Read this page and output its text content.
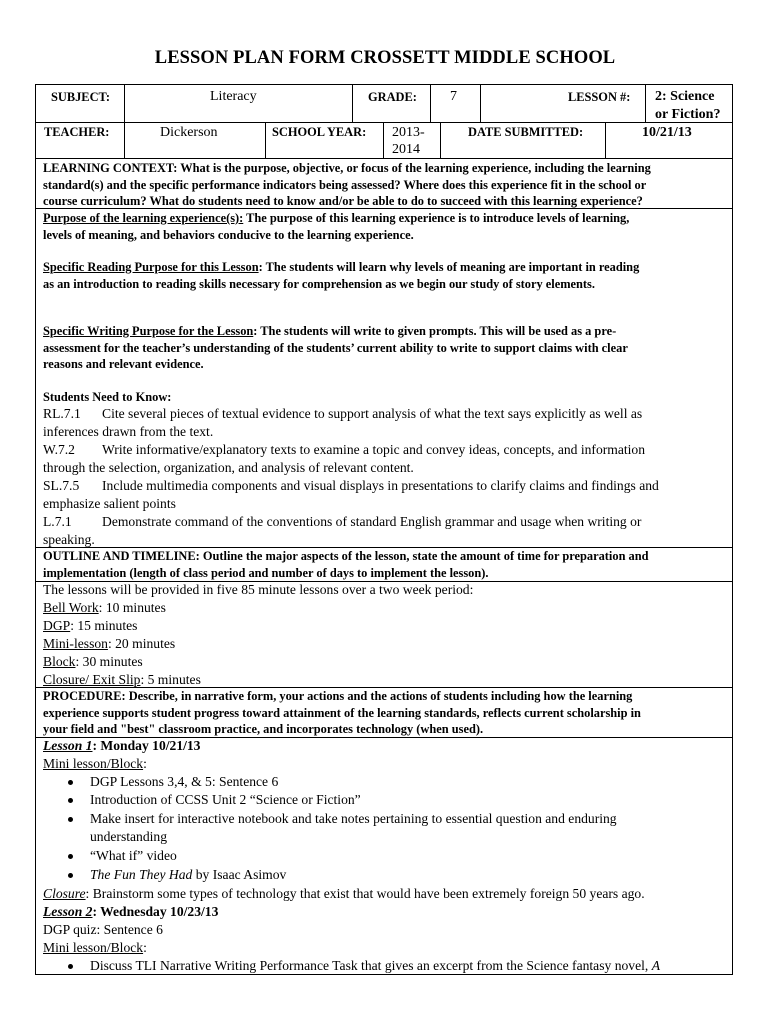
LESSON PLAN FORM CROSSETT MIDDLE SCHOOL
SUBJECT:	Literacy	GRADE: 7	LESSON #: 2: Science
or Fiction?
TEACHER:	Dickerson	SCHOOL YEAR: 2013-
2014
DATE SUBMITTED:	10/21/13
LEARNING CONTEXT: What is the purpose, objective, or focus of the learning experience, including the learning
standard(s) and the specific performance indicators being assessed? Where does this experience fit in the school or
course curriculum? What do students need to know and/or be able to do to succeed with this learning experience?
Purpose of the learning experience(s): The purpose of this learning experience is to introduce levels of learning,
levels of meaning, and behaviors conducive to the learning experience.
Specific Reading Purpose for this Lesson: The students will learn why levels of meaning are important in reading
as an introduction to reading skills necessary for comprehension as we begin our study of story elements.
Specific Writing Purpose for the Lesson: The students will write to given prompts. This will be used as a pre-
assessment for the teacher’s understanding of the students’ current ability to write to support claims with clear
reasons and relevant evidence.
Students Need to Know:
RL.7.1 Cite several pieces of textual evidence to support analysis of what the text says explicitly as well as
inferences drawn from the text.
W.7.2 Write informative/explanatory texts to examine a topic and convey ideas, concepts, and information
through the selection, organization, and analysis of relevant content.
SL.7.5 Include multimedia components and visual displays in presentations to clarify claims and findings and
emphasize salient points
L.7.1 Demonstrate command of the conventions of standard English grammar and usage when writing or
speaking.
OUTLINE AND TIMELINE: Outline the major aspects of the lesson, state the amount of time for preparation and
implementation (length of class period and number of days to implement the lesson).
The lessons will be provided in five 85 minute lessons over a two week period:
Bell Work: 10 minutes
DGP: 15 minutes
Mini-lesson: 20 minutes
Block: 30 minutes
Closure/ Exit Slip: 5 minutes
PROCEDURE: Describe, in narrative form, your actions and the actions of students including how the learning
experience supports student progress toward attainment of the learning standards, reflects current scholarship in
your field and "best" classroom practice, and incorporates technology (when used).
Lesson 1: Monday 10/21/13
Mini lesson/Block:
DGP Lessons 3,4, & 5: Sentence 6
Introduction of CCSS Unit 2 “Science or Fiction”
Make insert for interactive notebook and take notes pertaining to essential question and enduring
understanding
“What if” video
The Fun They Had by Isaac Asimov
Closure: Brainstorm some types of technology that exist that would have been extremely foreign 50 years ago.
Lesson 2: Wednesday 10/23/13
DGP quiz: Sentence 6
Mini lesson/Block:
Discuss TLI Narrative Writing Performance Task that gives an excerpt from the Science fantasy novel, A
